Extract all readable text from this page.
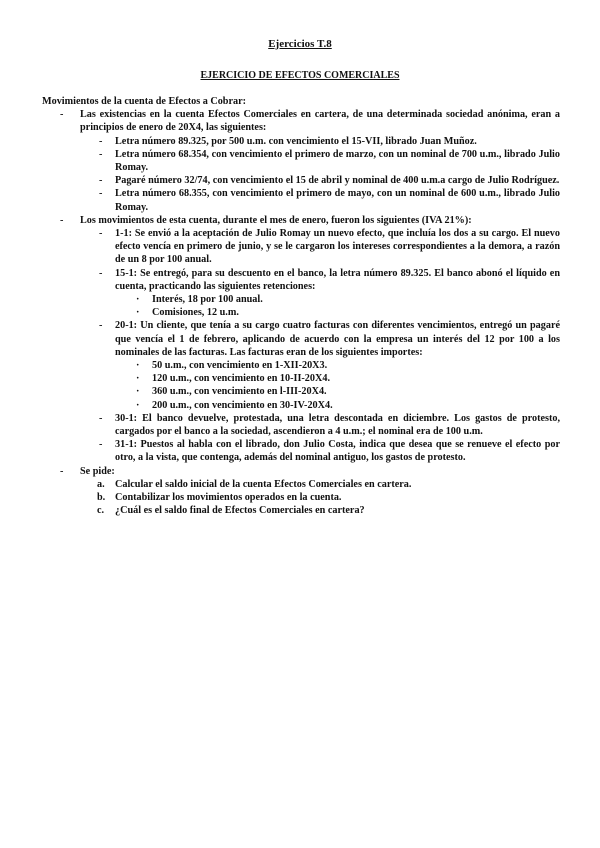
Ejercicios T.8
EJERCICIO DE EFECTOS COMERCIALES
Movimientos de la cuenta de Efectos a Cobrar:
- Las existencias en la cuenta Efectos Comerciales en cartera, de una determinada sociedad anónima, eran a principios de enero de 20X4, las siguientes:
- Letra número 89.325, por 500 u.m. con vencimiento el 15-VII, librado Juan Muñoz.
- Letra número 68.354, con vencimiento el primero de marzo, con un nominal de 700 u.m., librado Julio Romay.
- Pagaré número 32/74, con vencimiento el 15 de abril y nominal de 400 u.m.a cargo de Julio Rodríguez.
- Letra número 68.355, con vencimiento el primero de mayo, con un nominal de 600 u.m., librado Julio Romay.
- Los movimientos de esta cuenta, durante el mes de enero, fueron los siguientes (IVA 21%):
- 1-1: Se envió a la aceptación de Julio Romay un nuevo efecto, que incluía los dos a su cargo. El nuevo efecto vencía en primero de junio, y se le cargaron los intereses correspondientes a la demora, a razón de un 8 por 100 anual.
- 15-1: Se entregó, para su descuento en el banco, la letra número 89.325. El banco abonó el líquido en cuenta, practicando las siguientes retenciones:
· Interés, 18 por 100 anual.
· Comisiones, 12 u.m.
- 20-1: Un cliente, que tenía a su cargo cuatro facturas con diferentes vencimientos, entregó un pagaré que vencía el 1 de febrero, aplicando de acuerdo con la empresa un interés del 12 por 100 a los nominales de las facturas. Las facturas eran de los siguientes importes:
· 50 u.m., con vencimiento en 1-XII-20X3.
· 120 u.m., con vencimiento en 10-II-20X4.
· 360 u.m., con vencimiento en l-III-20X4.
· 200 u.m., con vencimiento en 30-IV-20X4.
- 30-1: El banco devuelve, protestada, una letra descontada en diciembre. Los gastos de protesto, cargados por el banco a la sociedad, ascendieron a 4 u.m.; el nominal era de 100 u.m.
- 31-1: Puestos al habla con el librado, don Julio Costa, indica que desea que se renueve el efecto por otro, a la vista, que contenga, además del nominal antiguo, los gastos de protesto.
- Se pide:
a. Calcular el saldo inicial de la cuenta Efectos Comerciales en cartera.
b. Contabilizar los movimientos operados en la cuenta.
c. ¿Cuál es el saldo final de Efectos Comerciales en cartera?
